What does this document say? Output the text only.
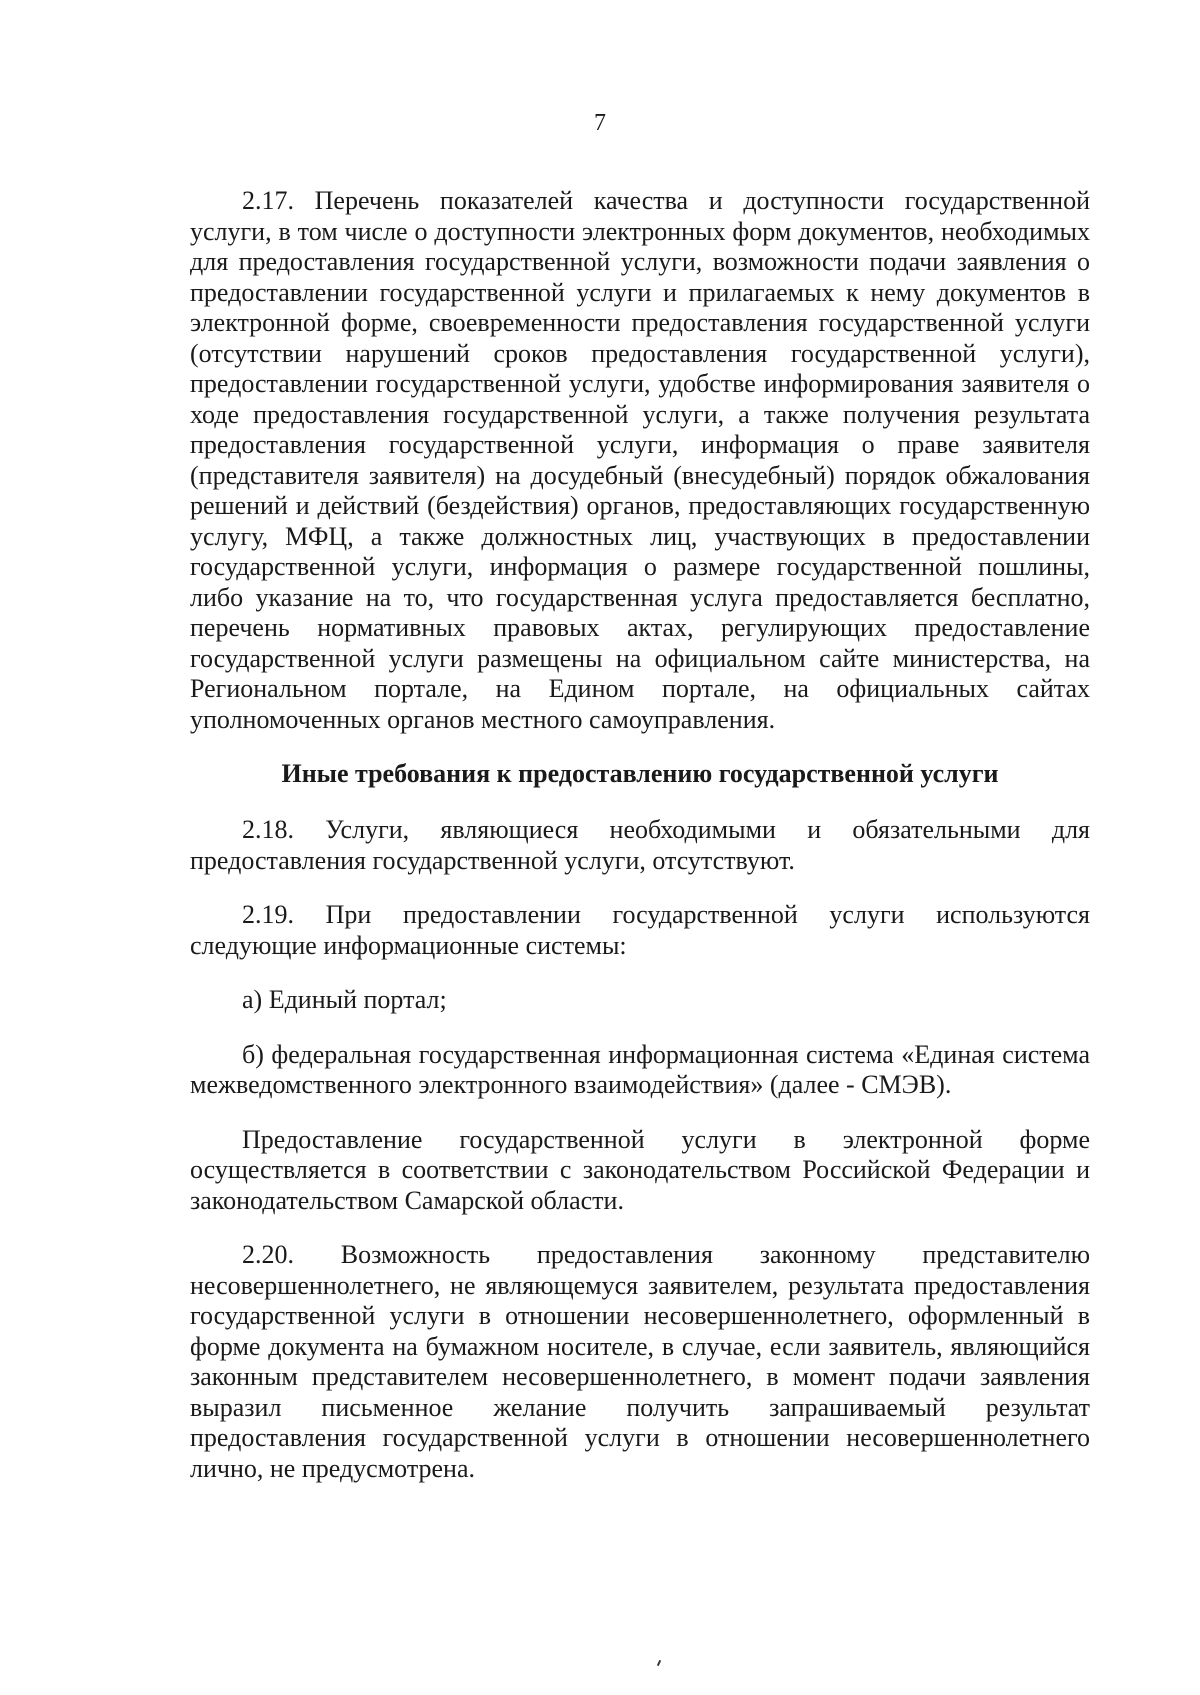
7

2.17. Перечень показателей качества и доступности государственной услуги, в том числе о доступности электронных форм документов, необходимых для предоставления государственной услуги, возможности подачи заявления о предоставлении государственной услуги и прилагаемых к нему документов в электронной форме, своевременности предоставления государственной услуги (отсутствии нарушений сроков предоставления государственной услуги), предоставлении государственной услуги, удобстве информирования заявителя о ходе предоставления государственной услуги, а также получения результата предоставления государственной услуги, информация о праве заявителя (представителя заявителя) на досудебный (внесудебный) порядок обжалования решений и действий (бездействия) органов, предоставляющих государственную услугу, МФЦ, а также должностных лиц, участвующих в предоставлении государственной услуги, информация о размере государственной пошлины, либо указание на то, что государственная услуга предоставляется бесплатно, перечень нормативных правовых актах, регулирующих предоставление государственной услуги размещены на официальном сайте министерства, на Региональном портале, на Едином портале, на официальных сайтах уполномоченных органов местного самоуправления.

Иные требования к предоставлению государственной услуги

2.18. Услуги, являющиеся необходимыми и обязательными для предоставления государственной услуги, отсутствуют.

2.19. При предоставлении государственной услуги используются следующие информационные системы:

а) Единый портал;

б) федеральная государственная информационная система «Единая система межведомственного электронного взаимодействия» (далее - СМЭВ).

Предоставление государственной услуги в электронной форме осуществляется в соответствии с законодательством Российской Федерации и законодательством Самарской области.

2.20. Возможность предоставления законному представителю несовершеннолетнего, не являющемуся заявителем, результата предоставления государственной услуги в отношении несовершеннолетнего, оформленный в форме документа на бумажном носителе, в случае, если заявитель, являющийся законным представителем несовершеннолетнего, в момент подачи заявления выразил письменное желание получить запрашиваемый результат предоставления государственной услуги в отношении несовершеннолетнего лично, не предусмотрена.
